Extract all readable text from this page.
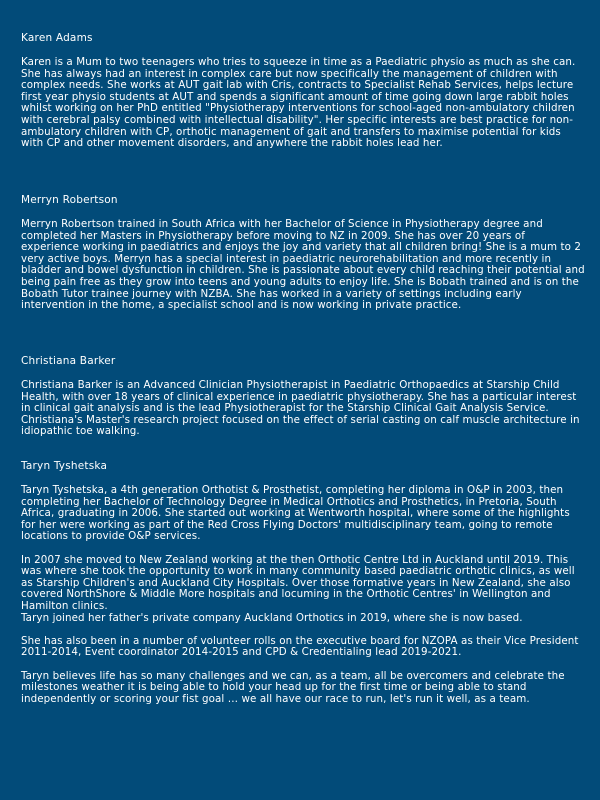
Karen Adams

Karen is a Mum to two teenagers who tries to squeeze in time as a Paediatric physio as much as she can. She has always had an interest in complex care but now specifically the management of children with complex needs. She works at AUT gait lab with Cris, contracts to Specialist Rehab Services, helps lecture first year physio students at AUT and spends a significant amount of time going down large rabbit holes whilst working on her PhD entitled "Physiotherapy interventions for school-aged non-ambulatory children with cerebral palsy combined with intellectual disability". Her specific interests are best practice for non-ambulatory children with CP, orthotic management of gait and transfers to maximise potential for kids with CP and other movement disorders, and anywhere the rabbit holes lead her.

Merryn Robertson

Merryn Robertson trained in South Africa with her Bachelor of Science in Physiotherapy degree and completed her Masters in Physiotherapy before moving to NZ in 2009. She has over 20 years of experience working in paediatrics and enjoys the joy and variety that all children bring! She is a mum to 2 very active boys. Merryn has a special interest in paediatric neurorehabilitation and more recently in bladder and bowel dysfunction in children. She is passionate about every child reaching their potential and being pain free as they grow into teens and young adults to enjoy life. She is Bobath trained and is on the Bobath Tutor trainee journey with NZBA. She has worked in a variety of settings including early intervention in the home, a specialist school and is now working in private practice.

Christiana Barker

Christiana Barker is an Advanced Clinician Physiotherapist in Paediatric Orthopaedics at Starship Child Health, with over 18 years of clinical experience in paediatric physiotherapy. She has a particular interest in clinical gait analysis and is the lead Physiotherapist for the Starship Clinical Gait Analysis Service. Christiana's Master's research project focused on the effect of serial casting on calf muscle architecture in idiopathic toe walking.

Taryn Tyshetska

Taryn Tyshetska, a 4th generation Orthotist & Prosthetist, completing her diploma in O&P in 2003, then completing her Bachelor of Technology Degree in Medical Orthotics and Prosthetics, in Pretoria, South Africa, graduating in 2006. She started out working at Wentworth hospital, where some of the highlights for her were working as part of the Red Cross Flying Doctors' multidisciplinary team, going to remote locations to provide O&P services.

In 2007 she moved to New Zealand working at the then Orthotic Centre Ltd in Auckland until 2019. This was where she took the opportunity to work in many community based paediatric orthotic clinics, as well as Starship Children's and Auckland City Hospitals. Over those formative years in New Zealand, she also covered NorthShore & Middle More hospitals and locuming in the Orthotic Centres' in Wellington and Hamilton clinics.
Taryn joined her father's private company Auckland Orthotics in 2019, where she is now based.

She has also been in a number of volunteer rolls on the executive board for NZOPA as their Vice President 2011-2014, Event coordinator 2014-2015 and CPD & Credentialing lead 2019-2021.

Taryn believes life has so many challenges and we can, as a team, all be overcomers and celebrate the milestones weather it is being able to hold your head up for the first time or being able to stand independently or scoring your fist goal … we all have our race to run, let's run it well, as a team.
